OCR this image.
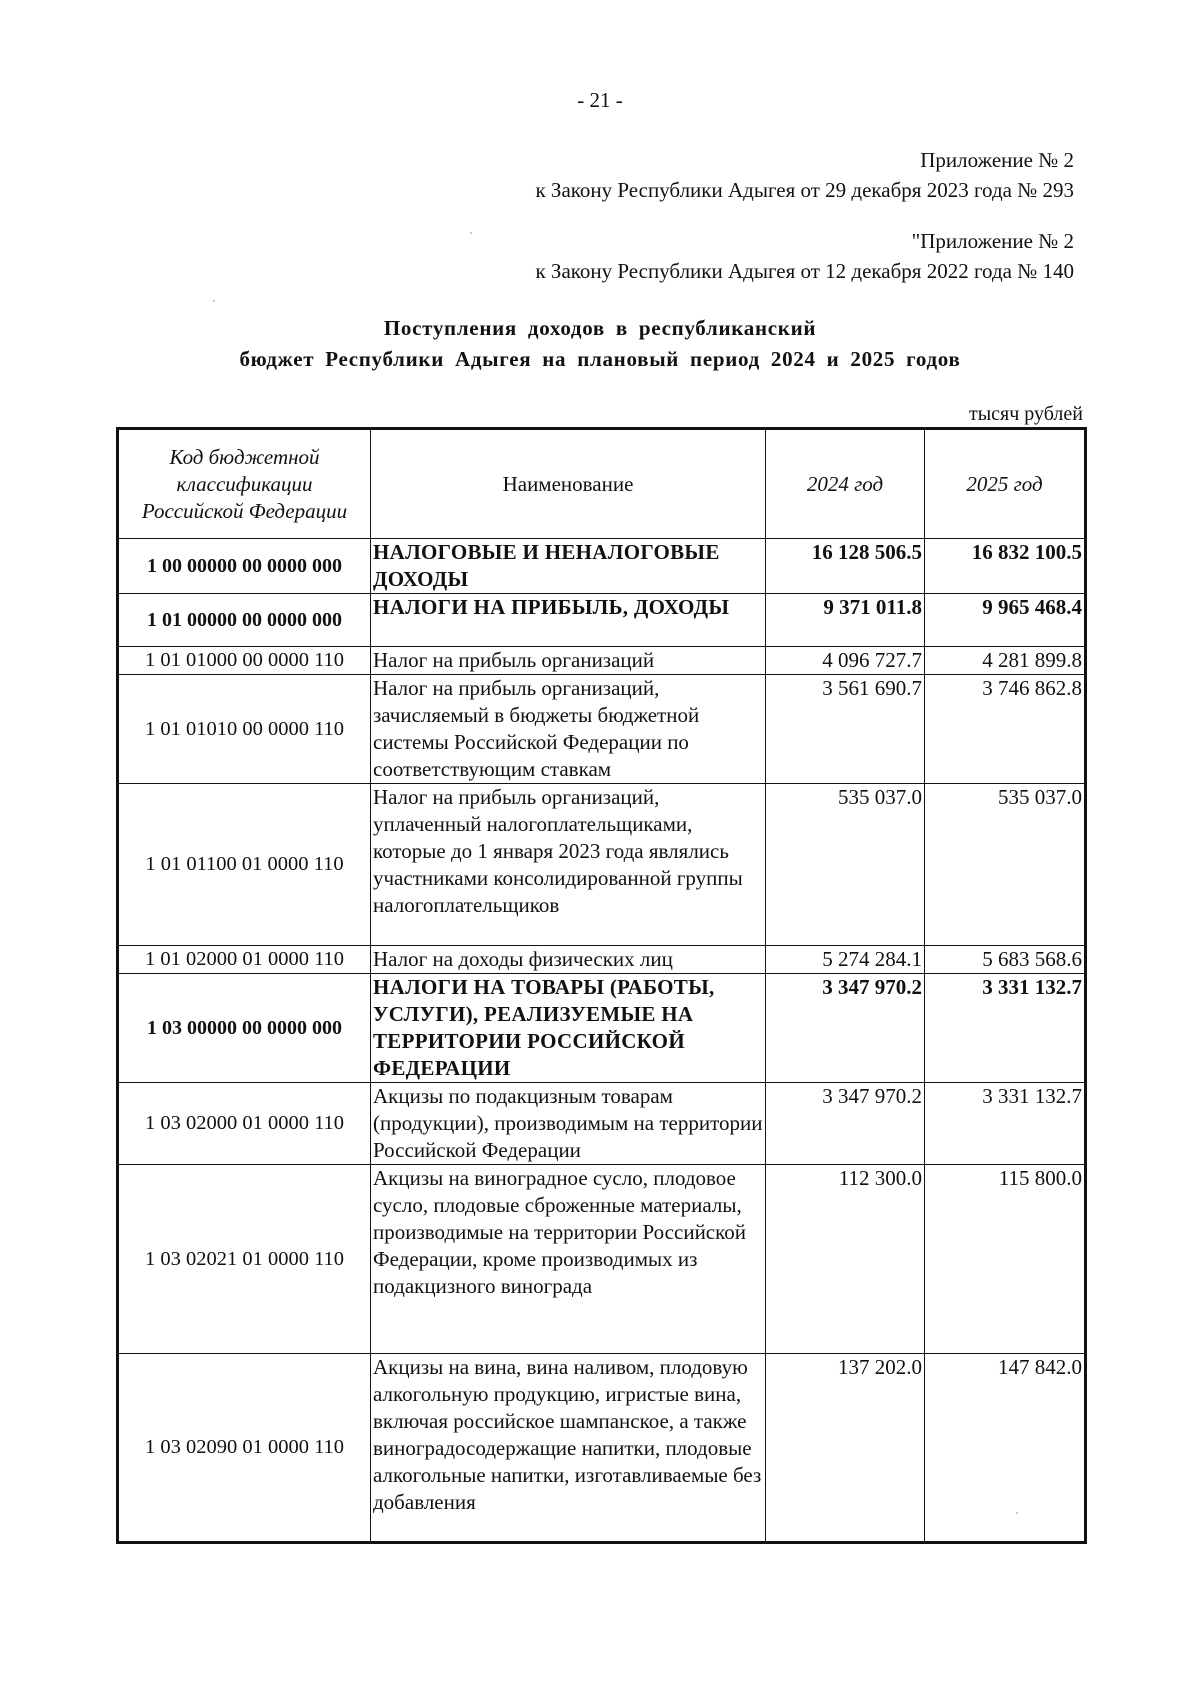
- 21 -
Приложение № 2
к Закону Республики Адыгея от 29 декабря 2023 года № 293
"Приложение № 2
к Закону Республики Адыгея от 12 декабря 2022 года № 140
Поступления доходов в республиканский
бюджет Республики Адыгея на плановый период 2024 и 2025 годов
тысяч рублей
Код бюджетной
классификации
Российской Федерации	Наименование	2024 год	2025 год
1 00 00000 00 0000 000	НАЛОГОВЫЕ И НЕНАЛОГОВЫЕ ДОХОДЫ	16 128 506.5	16 832 100.5
1 01 00000 00 0000 000	НАЛОГИ НА ПРИБЫЛЬ, ДОХОДЫ	9 371 011.8	9 965 468.4
1 01 01000 00 0000 110	Налог на прибыль организаций	4 096 727.7	4 281 899.8
1 01 01010 00 0000 110	Налог на прибыль организаций, зачисляемый в бюджеты бюджетной системы Российской Федерации по соответствующим ставкам	3 561 690.7	3 746 862.8
1 01 01100 01 0000 110	Налог на прибыль организаций, уплаченный налогоплательщиками, которые до 1 января 2023 года являлись участниками консолидированной группы налогоплательщиков	535 037.0	535 037.0
1 01 02000 01 0000 110	Налог на доходы физических лиц	5 274 284.1	5 683 568.6
1 03 00000 00 0000 000	НАЛОГИ НА ТОВАРЫ (РАБОТЫ, УСЛУГИ), РЕАЛИЗУЕМЫЕ НА ТЕРРИТОРИИ РОССИЙСКОЙ ФЕДЕРАЦИИ	3 347 970.2	3 331 132.7
1 03 02000 01 0000 110	Акцизы по подакцизным товарам (продукции), производимым на территории Российской Федерации	3 347 970.2	3 331 132.7
1 03 02021 01 0000 110	Акцизы на виноградное сусло, плодовое сусло, плодовые сброженные материалы, производимые на территории Российской Федерации, кроме производимых из подакцизного винограда	112 300.0	115 800.0
1 03 02090 01 0000 110	Акцизы на вина, вина наливом, плодовую алкогольную продукцию, игристые вина, включая российское шампанское, а также виноградосодержащие напитки, плодовые алкогольные напитки, изготавливаемые без добавления	137 202.0	147 842.0
